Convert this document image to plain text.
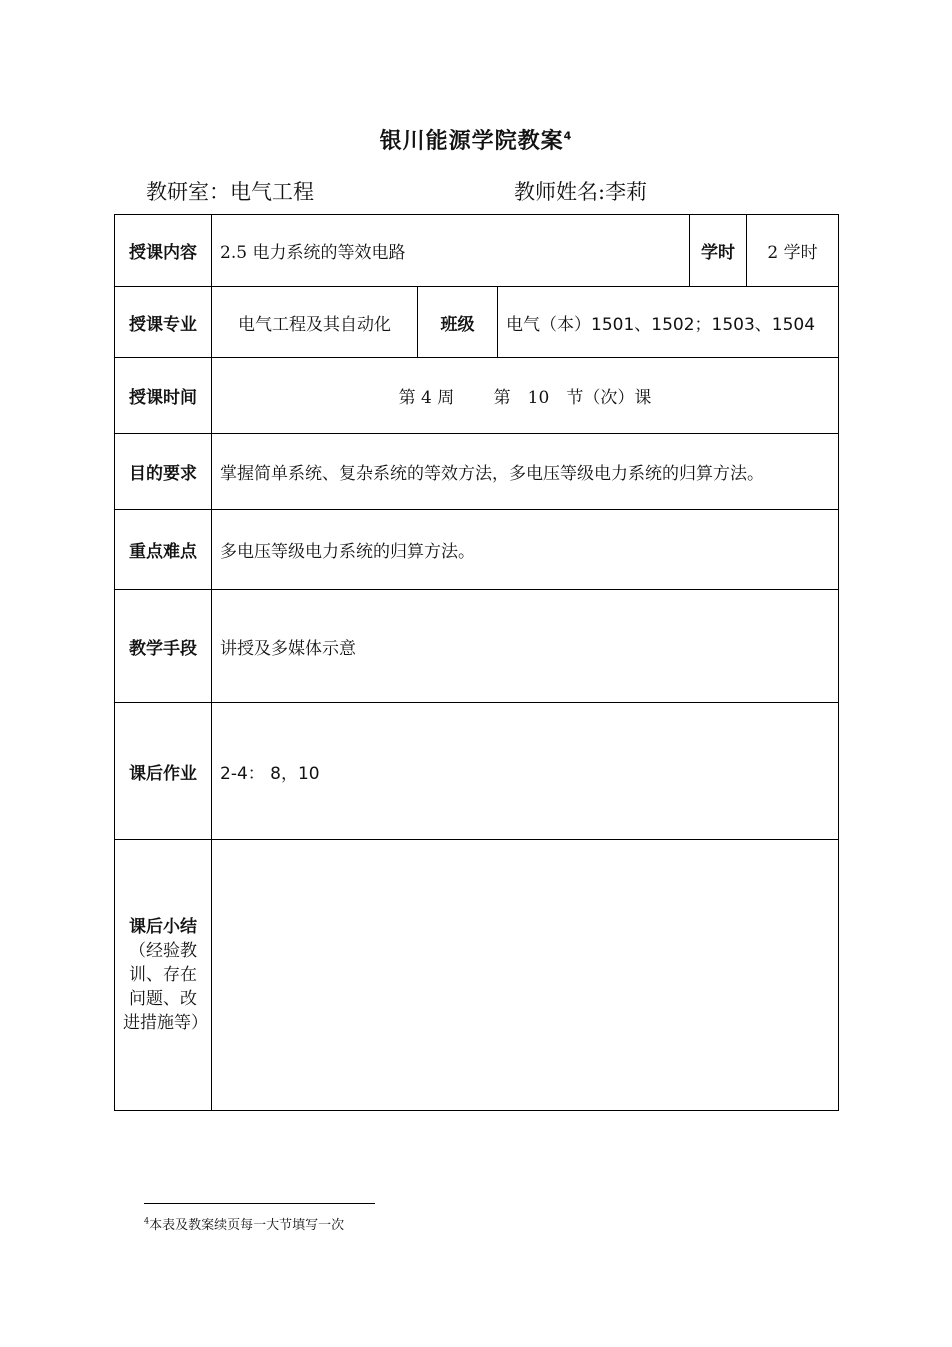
银川能源学院教案$^4$
教研室：电气工程	教师姓名:李莉
授课内容	2.5 电力系统的等效电路			学时	2 学时
授课专业	电气工程及其自动化	班级	电气（本）1501、1502；1503、1504		
授课时间	第 4 周　　 第　10　节（次）课				
目的要求	掌握简单系统、复杂系统的等效方法，多电压等级电力系统的归算方法。				
重点难点	多电压等级电力系统的归算方法。				
教学手段	讲授及多媒体示意				
课后作业	2-4： 8，10				
课后小结
（经验教训、存在问题、改进措施等）					
$^4$本表及教案续页每一大节填写一次
